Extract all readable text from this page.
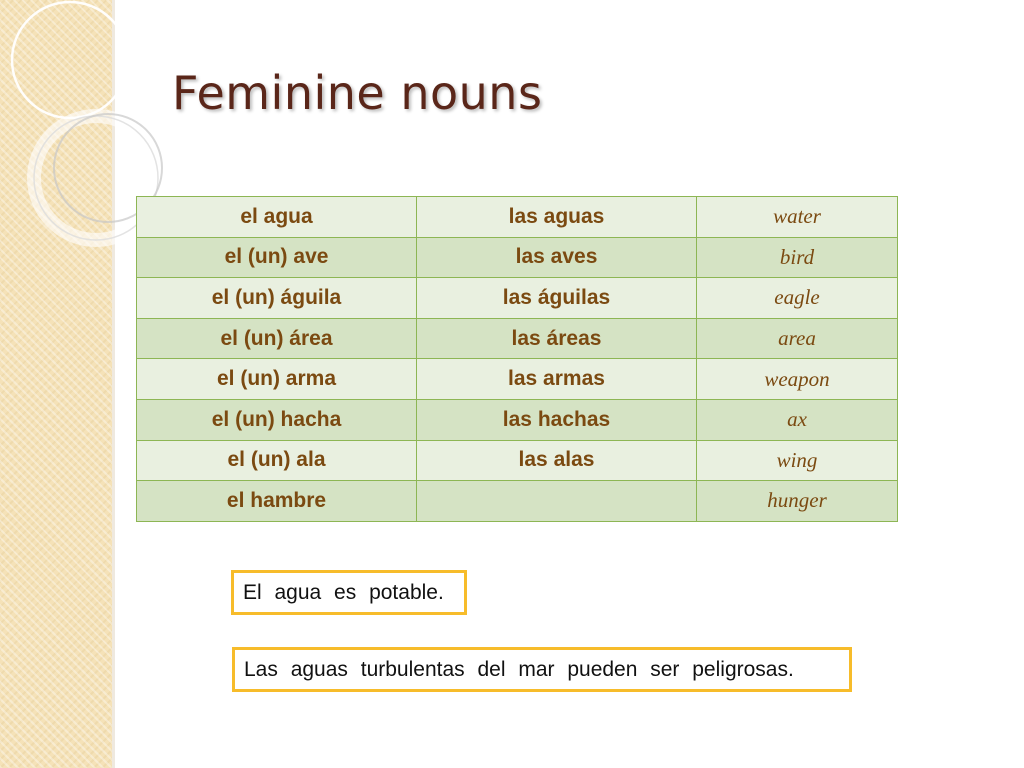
Feminine nouns
el agua	las aguas	water
el (un) ave	las aves	bird
el (un) águila	las águilas	eagle
el (un) área	las áreas	area
el (un) arma	las armas	weapon
el (un) hacha	las hachas	ax
el (un) ala	las alas	wing
el hambre		hunger
El agua es potable.
Las aguas turbulentas del mar pueden ser peligrosas.
